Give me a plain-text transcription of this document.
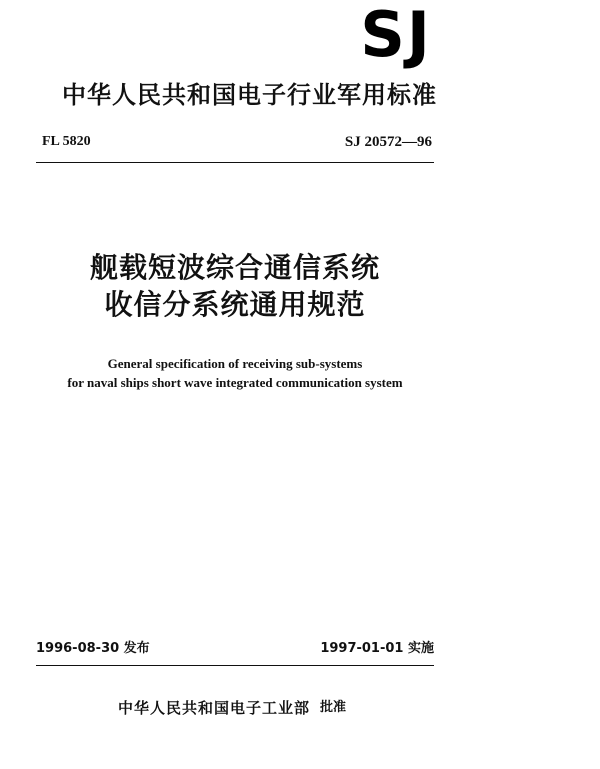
SJ
中华人民共和国电子行业军用标准
FL 5820	SJ 20572—96
舰载短波综合通信系统
收信分系统通用规范
General specification of receiving sub-systems
for naval ships short wave integrated communication system
1996-08-30 发布	1997-01-01 实施
中华人民共和国电子工业部 批准
